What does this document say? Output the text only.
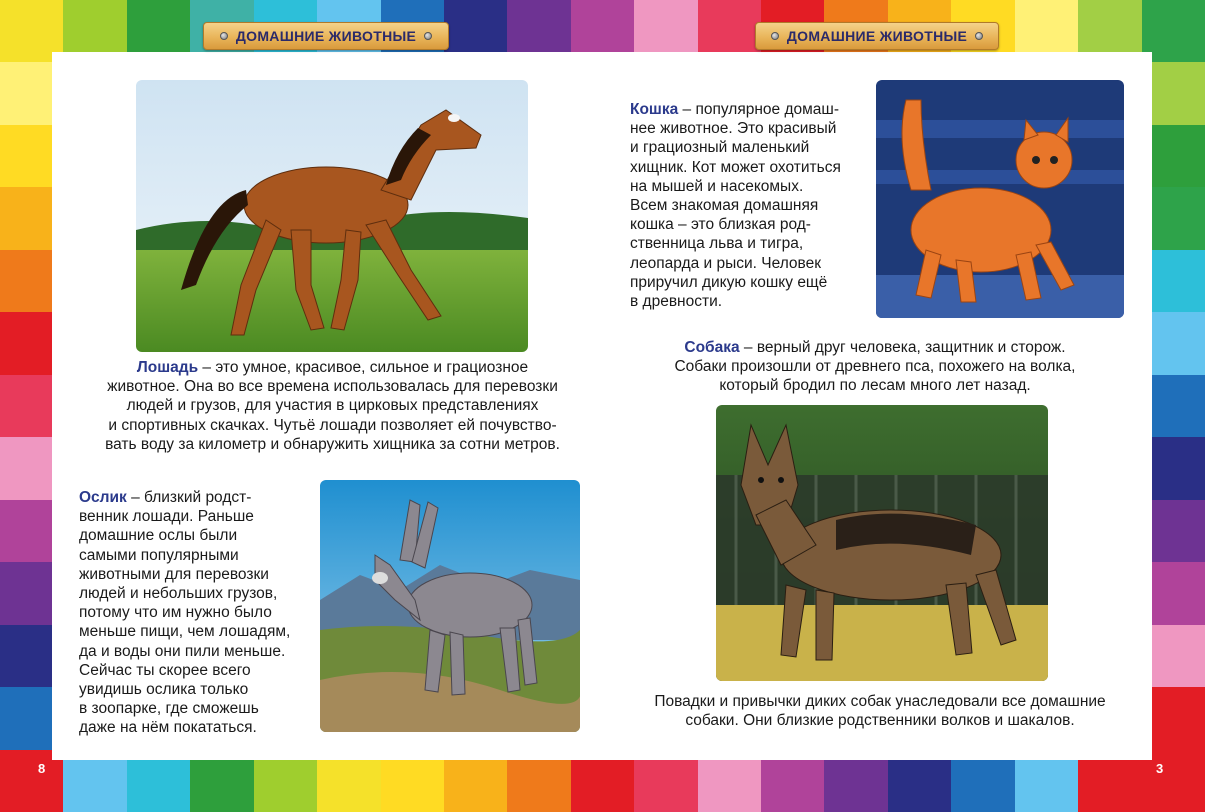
ДОМАШНИЕ ЖИВОТНЫЕ	ДОМАШНИЕ ЖИВОТНЫЕ
Лошадь – это умное, красивое, сильное и грациозное
животное. Она во все времена использовалась для перевозки
людей и грузов, для участия в цирковых представлениях
и спортивных скачках. Чутьё лошади позволяет ей почувство-
вать воду за километр и обнаружить хищника за сотни метров.
Ослик – близкий родст-
венник лошади. Раньше
домашние ослы были
самыми популярными
животными для перевозки
людей и небольших грузов,
потому что им нужно было
меньше пищи, чем лошадям,
да и воды они пили меньше.
Сейчас ты скорее всего
увидишь ослика только
в зоопарке, где сможешь
даже на нём покататься.
Кошка – популярное домаш-
нее животное. Это красивый
и грациозный маленький
хищник. Кот может охотиться
на мышей и насекомых.
Всем знакомая домашняя
кошка – это близкая род-
ственница льва и тигра,
леопарда и рыси. Человек
приручил дикую кошку ещё
в древности.
Собака – верный друг человека, защитник и сторож.
Собаки произошли от древнего пса, похожего на волка,
который бродил по лесам много лет назад.
Повадки и привычки диких собак унаследовали все домашние
собаки. Они близкие родственники волков и шакалов.
8	3
